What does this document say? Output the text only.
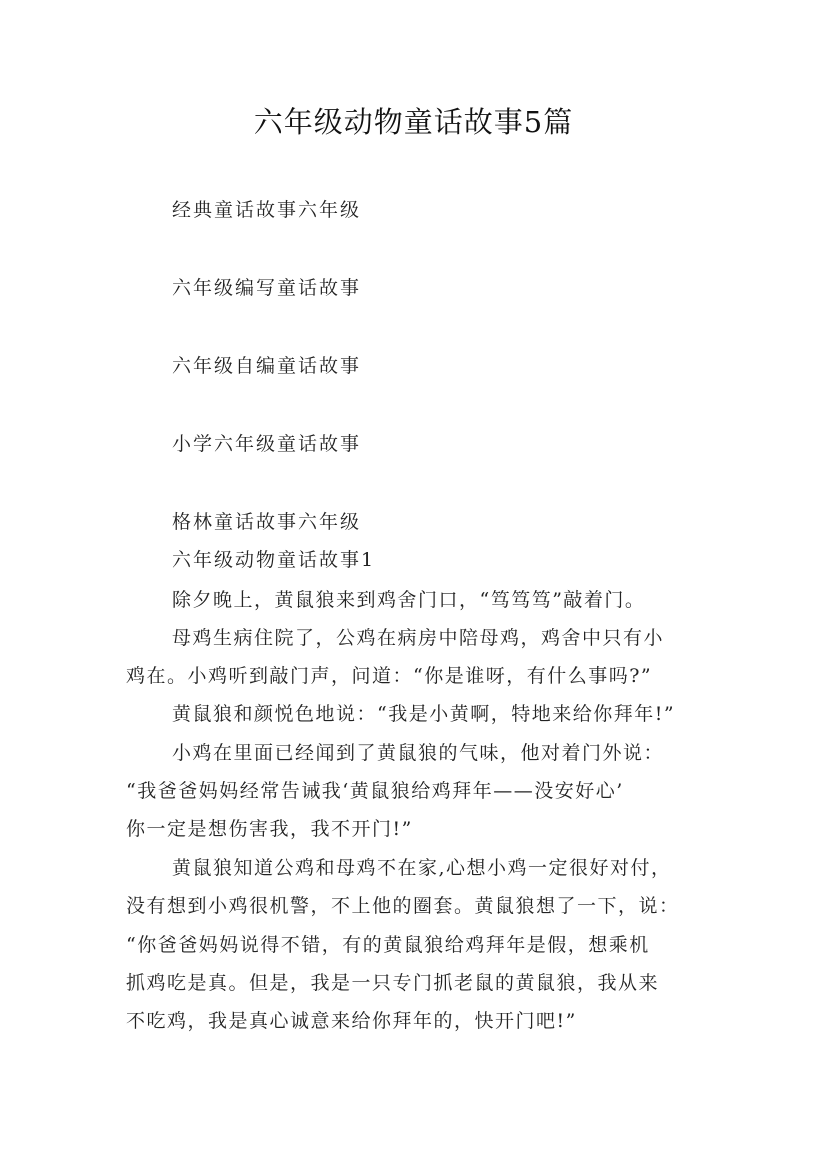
六年级动物童话故事5篇
经典童话故事六年级
六年级编写童话故事
六年级自编童话故事
小学六年级童话故事
格林童话故事六年级
六年级动物童话故事1
除夕晚上，黄鼠狼来到鸡舍门口，“笃笃笃”敲着门。
母鸡生病住院了，公鸡在病房中陪母鸡，鸡舍中只有小
鸡在。小鸡听到敲门声，问道：“你是谁呀，有什么事吗?”
黄鼠狼和颜悦色地说：“我是小黄啊，特地来给你拜年!”
小鸡在里面已经闻到了黄鼠狼的气味，他对着门外说：
“我爸爸妈妈经常告诫我‘黄鼠狼给鸡拜年——没安好心’
你一定是想伤害我，我不开门!”
黄鼠狼知道公鸡和母鸡不在家,心想小鸡一定很好对付，
没有想到小鸡很机警，不上他的圈套。黄鼠狼想了一下，说：
“你爸爸妈妈说得不错，有的黄鼠狼给鸡拜年是假，想乘机
抓鸡吃是真。但是，我是一只专门抓老鼠的黄鼠狼，我从来
不吃鸡，我是真心诚意来给你拜年的，快开门吧!”
